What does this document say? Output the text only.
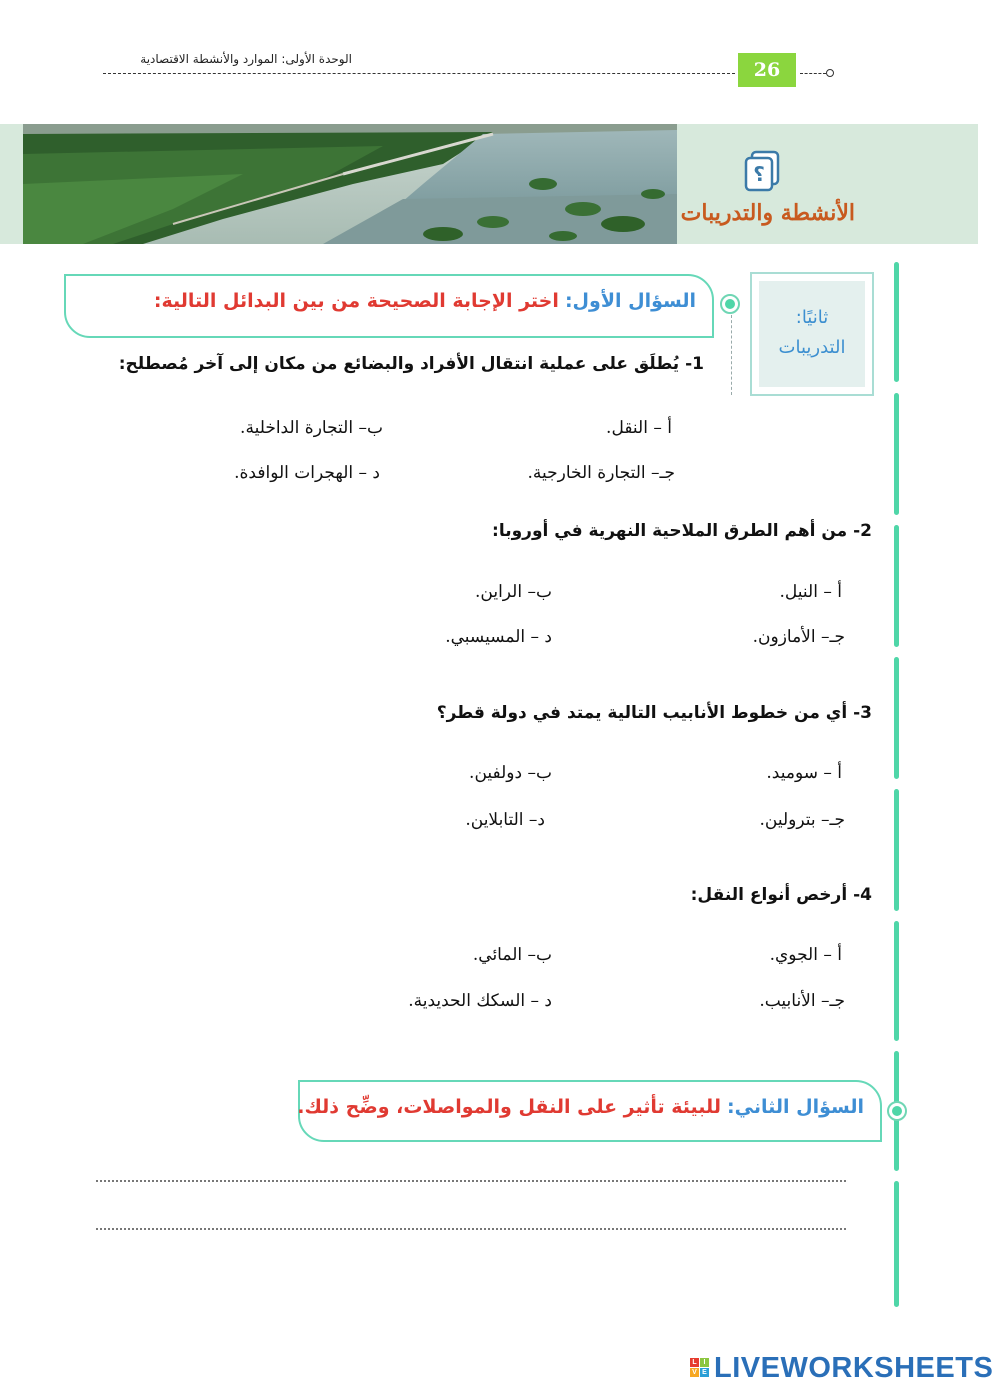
الوحدة الأولى: الموارد والأنشطة الاقتصادية	26
؟
الأنشطة والتدريبات
ثانيًا:
التدريبات
السؤال الأول: اختر الإجابة الصحيحة من بين البدائل التالية:
1- يُطلَق على عملية انتقال الأفراد والبضائع من مكان إلى آخر مُصطلح:
أ – النقل.
ب– التجارة الداخلية.
جـ– التجارة الخارجية.
د – الهجرات الوافدة.
2- من أهم الطرق الملاحية النهرية في أوروبا:
أ – النيل.
ب– الراين.
جـ– الأمازون.
د – المسيسبي.
3- أي من خطوط الأنابيب التالية يمتد في دولة قطر؟
أ – سوميد.
ب– دولفين.
جـ– بترولين.
د– التابلاين.
4- أرخص أنواع النقل:
أ – الجوي.
ب– المائي.
جـ– الأنابيب.
د – السكك الحديدية.
السؤال الثاني: للبيئة تأثير على النقل والمواصلات، وضِّح ذلك.
L I
V E LIVEWORKSHEETS
